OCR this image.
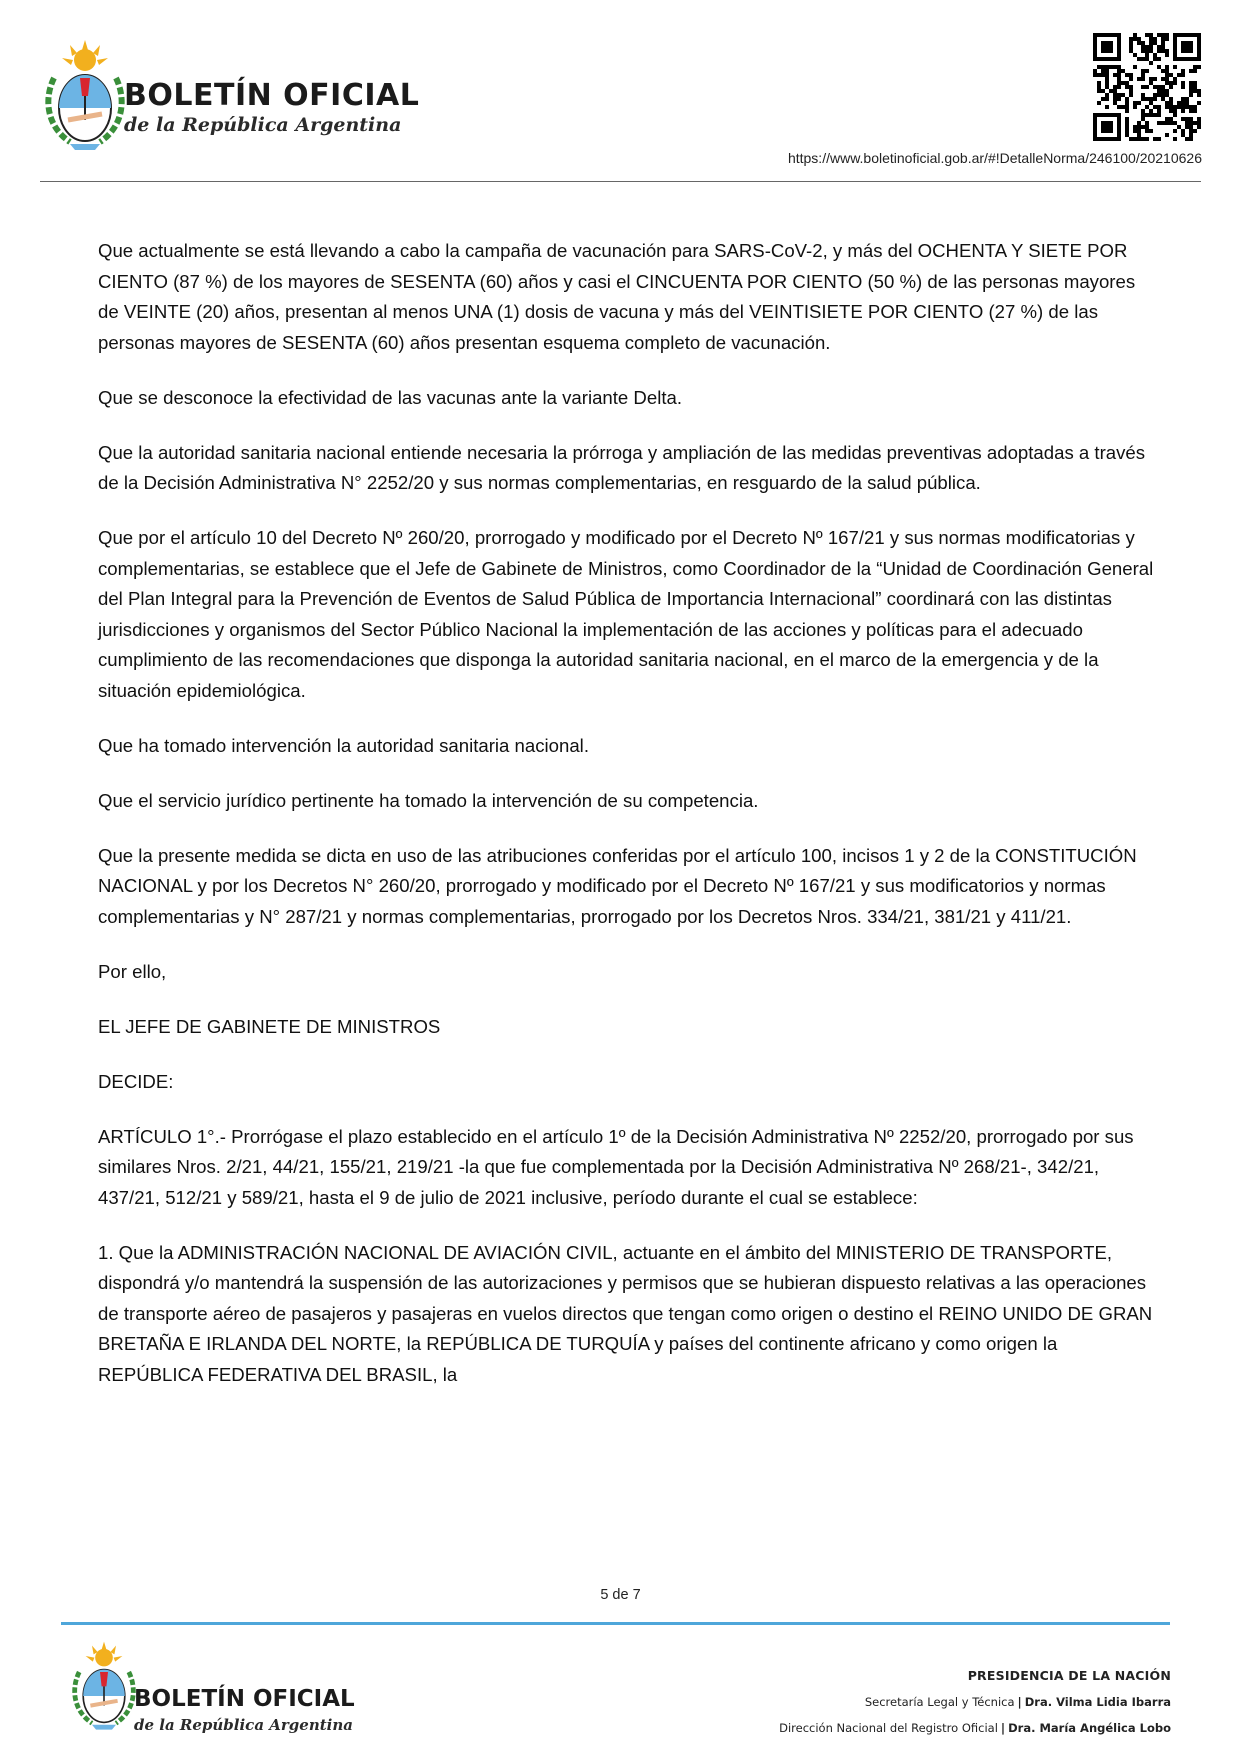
BOLETÍN OFICIAL
de la República Argentina
https://www.boletinoficial.gob.ar/#!DetalleNorma/246100/20210626

Que actualmente se está llevando a cabo la campaña de vacunación para SARS-CoV-2, y más del OCHENTA Y SIETE POR CIENTO (87 %) de los mayores de SESENTA (60) años y casi el CINCUENTA POR CIENTO (50 %) de las personas mayores de VEINTE (20) años, presentan al menos UNA (1) dosis de vacuna y más del VEINTISIETE POR CIENTO (27 %) de las personas mayores de SESENTA (60) años presentan esquema completo de vacunación.

Que se desconoce la efectividad de las vacunas ante la variante Delta.

Que la autoridad sanitaria nacional entiende necesaria la prórroga y ampliación de las medidas preventivas adoptadas a través de la Decisión Administrativa N° 2252/20 y sus normas complementarias, en resguardo de la salud pública.

Que por el artículo 10 del Decreto Nº 260/20, prorrogado y modificado por el Decreto Nº 167/21 y sus normas modificatorias y complementarias, se establece que el Jefe de Gabinete de Ministros, como Coordinador de la “Unidad de Coordinación General del Plan Integral para la Prevención de Eventos de Salud Pública de Importancia Internacional” coordinará con las distintas jurisdicciones y organismos del Sector Público Nacional la implementación de las acciones y políticas para el adecuado cumplimiento de las recomendaciones que disponga la autoridad sanitaria nacional, en el marco de la emergencia y de la situación epidemiológica.

Que ha tomado intervención la autoridad sanitaria nacional.

Que el servicio jurídico pertinente ha tomado la intervención de su competencia.

Que la presente medida se dicta en uso de las atribuciones conferidas por el artículo 100, incisos 1 y 2 de la CONSTITUCIÓN NACIONAL y por los Decretos N° 260/20, prorrogado y modificado por el Decreto Nº 167/21 y sus modificatorios y normas complementarias y N° 287/21 y normas complementarias, prorrogado por los Decretos Nros. 334/21, 381/21 y 411/21.

Por ello,

EL JEFE DE GABINETE DE MINISTROS

DECIDE:

ARTÍCULO 1°.- Prorrógase el plazo establecido en el artículo 1º de la Decisión Administrativa Nº 2252/20, prorrogado por sus similares Nros. 2/21, 44/21, 155/21, 219/21 -la que fue complementada por la Decisión Administrativa Nº 268/21-, 342/21, 437/21, 512/21 y 589/21, hasta el 9 de julio de 2021 inclusive, período durante el cual se establece:

1. Que la ADMINISTRACIÓN NACIONAL DE AVIACIÓN CIVIL, actuante en el ámbito del MINISTERIO DE TRANSPORTE, dispondrá y/o mantendrá la suspensión de las autorizaciones y permisos que se hubieran dispuesto relativas a las operaciones de transporte aéreo de pasajeros y pasajeras en vuelos directos que tengan como origen o destino el REINO UNIDO DE GRAN BRETAÑA E IRLANDA DEL NORTE, la REPÚBLICA DE TURQUÍA y países del continente africano y como origen la REPÚBLICA FEDERATIVA DEL BRASIL, la

5 de 7
BOLETÍN OFICIAL
de la República Argentina
PRESIDENCIA DE LA NACIÓN
Secretaría Legal y Técnica | Dra. Vilma Lidia Ibarra
Dirección Nacional del Registro Oficial | Dra. María Angélica Lobo
